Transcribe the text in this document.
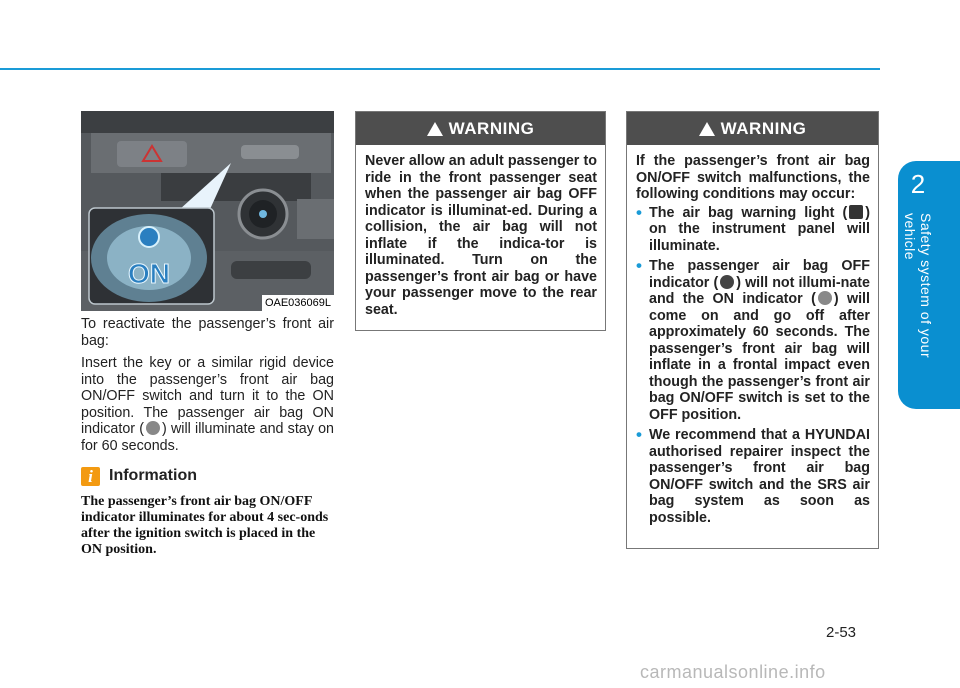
2
Safety system of your vehicle
ON
OAE036069L

To reactivate the passenger’s front air bag:

Insert the key or a similar rigid device into the passenger’s front air bag ON/OFF switch and turn it to the ON position. The passenger air bag ON indicator ( ) will illuminate and stay on for 60 seconds.

i	Information
The passenger’s front air bag ON/OFF indicator illuminates for about 4 sec-onds after the ignition switch is placed in the ON position.
WARNING
Never allow an adult passenger to ride in the front passenger seat when the passenger air bag OFF indicator is illuminat-ed. During a collision, the air bag will not inflate if the indica-tor is illuminated. Turn on the passenger’s front air bag or have your passenger move to the rear seat.
WARNING
If the passenger’s front air bag ON/OFF switch malfunctions, the following conditions may occur:
• The air bag warning light ( ) on the instrument panel will illuminate.
• The passenger air bag OFF indicator ( ) will not illumi-nate and the ON indicator ( ) will come on and go off after approximately 60 seconds. The passenger’s front air bag will inflate in a frontal impact even though the passenger’s front air bag ON/OFF switch is set to the OFF position.
• We recommend that a HYUNDAI authorised repairer inspect the passenger’s front air bag ON/OFF switch and the SRS air bag system as soon as possible.
2-53
carmanualsonline.info
